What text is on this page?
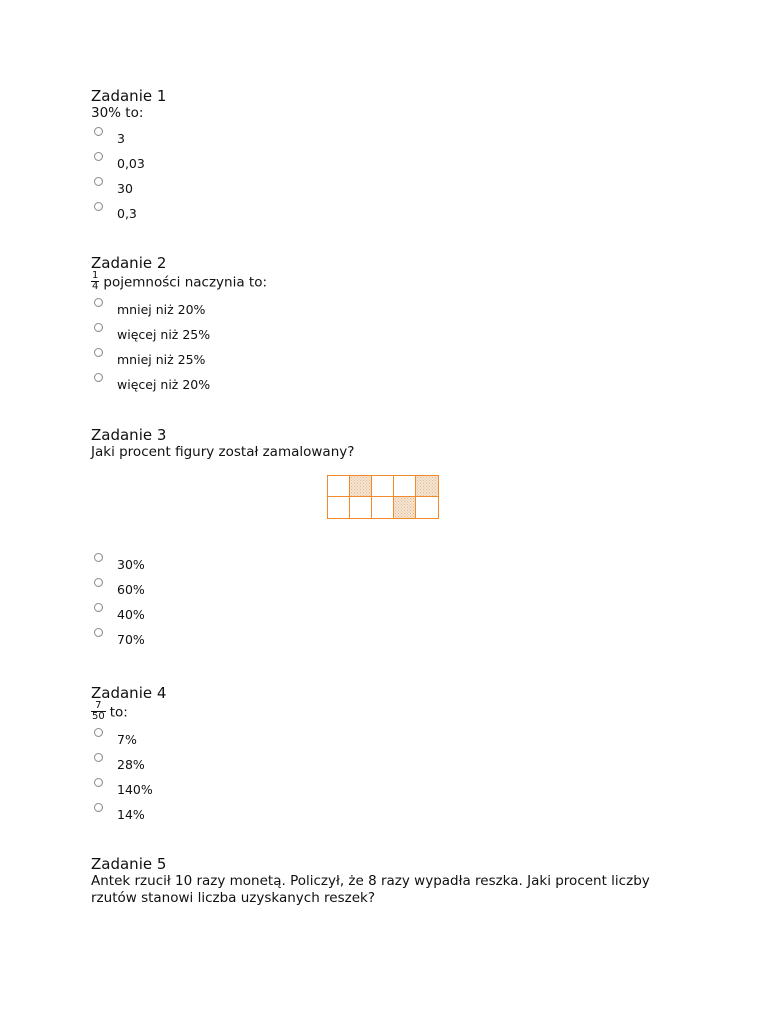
Zadanie 1
30% to:
3
0,03
30
0,3
Zadanie 2
$\frac{1}{4}$ pojemności naczynia to:
mniej niż 20%
więcej niż 25%
mniej niż 25%
więcej niż 20%
Zadanie 3
Jaki procent figury został zamalowany?
30%
60%
40%
70%
Zadanie 4
$\frac{7}{50}$ to:
7%
28%
140%
14%
Zadanie 5
Antek rzucił 10 razy monetą. Policzył, że 8 razy wypadła reszka. Jaki procent liczby rzutów stanowi liczba uzyskanych reszek?
